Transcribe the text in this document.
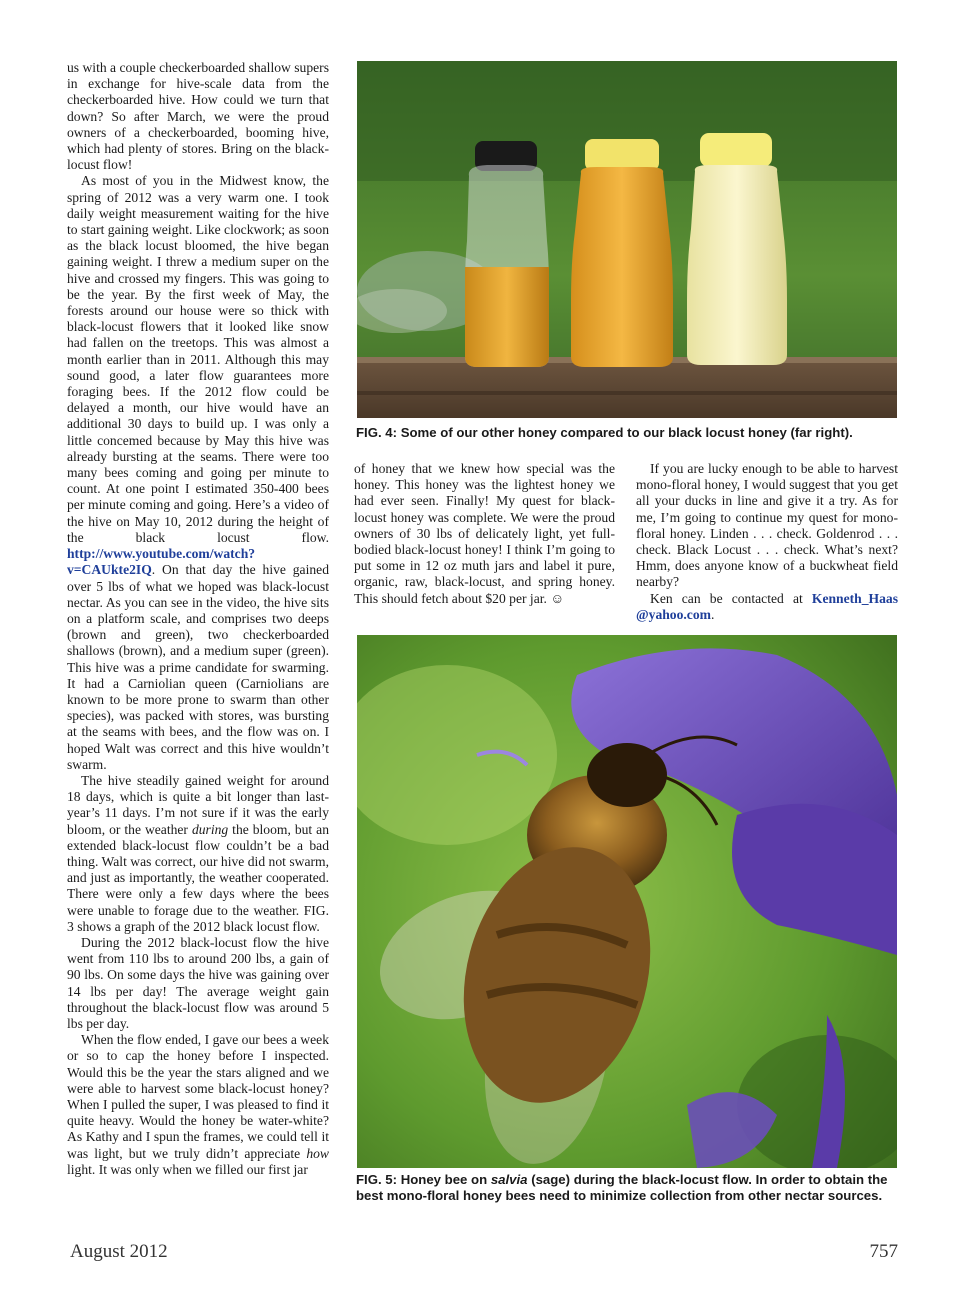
us with a couple checkerboarded shallow supers in exchange for hive-scale data from the checkerboarded hive. How could we turn that down? So after March, we were the proud owners of a checkerboarded, booming hive, which had plenty of stores. Bring on the black-locust flow!

As most of you in the Midwest know, the spring of 2012 was a very warm one. I took daily weight measurement waiting for the hive to start gaining weight. Like clockwork; as soon as the black locust bloomed, the hive began gaining weight. I threw a medium super on the hive and crossed my fingers. This was going to be the year. By the first week of May, the forests around our house were so thick with black-locust flowers that it looked like snow had fallen on the treetops. This was almost a month earlier than in 2011. Although this may sound good, a later flow guarantees more foraging bees. If the 2012 flow could be delayed a month, our hive would have an additional 30 days to build up. I was only a little concemed because by May this hive was already bursting at the seams. There were too many bees coming and going per minute to count. At one point I estimated 350-400 bees per minute coming and going. Here’s a video of the hive on May 10, 2012 during the height of the black locust flow. http://www.youtube.com/watch?v=CAUkte2IQ. On that day the hive gained over 5 lbs of what we hoped was black-locust nectar. As you can see in the video, the hive sits on a platform scale, and comprises two deeps (brown and green), two checkerboarded shallows (brown), and a medium super (green). This hive was a prime candidate for swarming. It had a Carniolian queen (Carniolians are known to be more prone to swarm than other species), was packed with stores, was bursting at the seams with bees, and the flow was on. I hoped Walt was correct and this hive wouldn’t swarm.

The hive steadily gained weight for around 18 days, which is quite a bit longer than last-year’s 11 days. I’m not sure if it was the early bloom, or the weather during the bloom, but an extended black-locust flow couldn’t be a bad thing. Walt was correct, our hive did not swarm, and just as importantly, the weather cooperated. There were only a few days where the bees were unable to forage due to the weather. FIG. 3 shows a graph of the 2012 black locust flow.

During the 2012 black-locust flow the hive went from 110 lbs to around 200 lbs, a gain of 90 lbs. On some days the hive was gaining over 14 lbs per day! The average weight gain throughout the black-locust flow was around 5 lbs per day.

When the flow ended, I gave our bees a week or so to cap the honey before I inspected. Would this be the year the stars aligned and we were able to harvest some black-locust honey? When I pulled the super, I was pleased to find it quite heavy. Would the honey be water-white? As Kathy and I spun the frames, we could tell it was light, but we truly didn’t appreciate how light. It was only when we filled our first jar

FIG. 4: Some of our other honey compared to our black locust honey (far right).

of honey that we knew how special was the honey. This honey was the lightest honey we had ever seen. Finally! My quest for black-locust honey was complete. We were the proud owners of 30 lbs of delicately light, yet full-bodied black-locust honey! I think I’m going to put some in 12 oz muth jars and label it pure, organic, raw, black-locust, and spring honey. This should fetch about $20 per jar. ☺

If you are lucky enough to be able to harvest mono-floral honey, I would suggest that you get all your ducks in line and give it a try. As for me, I’m going to continue my quest for mono-floral honey. Linden . . . check. Goldenrod . . . check. Black Locust . . . check. What’s next? Hmm, does anyone know of a buckwheat field nearby?

Ken can be contacted at Kenneth_Haas @yahoo.com.

FIG. 5: Honey bee on salvia (sage) during the black-locust flow. In order to obtain the best mono-floral honey bees need to minimize collection from other nectar sources.
August 2012	757
